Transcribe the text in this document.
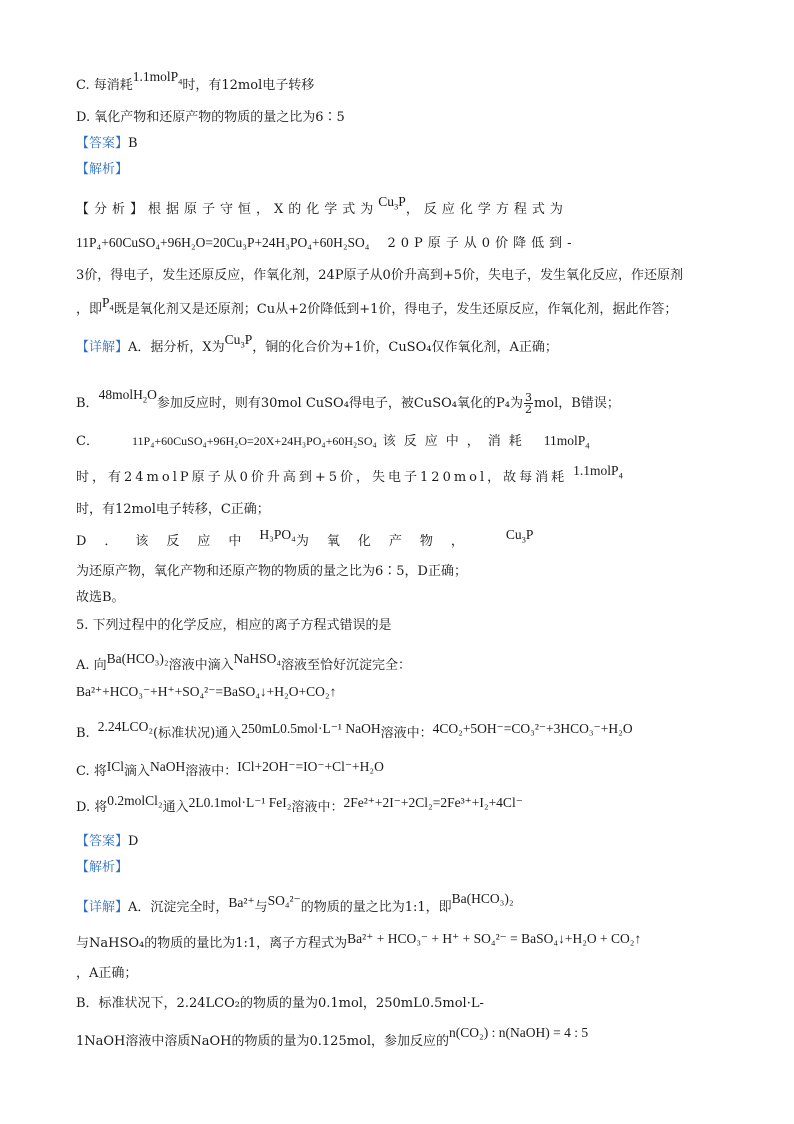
C. 每消耗1.1molP$_4$时，有12mol电子转移
D. 氧化产物和还原产物的物质的量之比为6∶5
【答案】B
【解析】
【分析】根据原子守恒，X的化学式为$Cu_3P$，反应化学方程式为
11P₄+60CuSO₄+96H₂O=20Cu₃P+24H₃PO₄+60H₂SO₄ 20P原子从0价降低到-
3价，得电子，发生还原反应，作氧化剂，24P原子从0价升高到+5价，失电子，发生氧化反应，作还原剂
，即$P_4$既是氧化剂又是还原剂；Cu从+2价降低到+1价，得电子，发生还原反应，作氧化剂，据此作答；
【详解】A．据分析，X为$Cu_3P$，铜的化合价为+1价，CuSO₄仅作氧化剂，A正确；
B．48molH$_2$O参加反应时，则有30mol CuSO₄得电子，被CuSO₄氧化的P₄为 $\frac{3}{2}$ mol，B错误；
C．	11P₄+60CuSO₄+96H₂O=20X+24H₃PO₄+60H₂SO₄ 该反应中，消耗 11molP$_4$
时，有24molP原子从0价升高到+5价，失电子120mol，故每消耗 1.1molP$_4$
时，有12mol电子转移，C正确；
D．该反应中H₃PO₄为氧化产物， $Cu_3P$
为还原产物，氧化产物和还原产物的物质的量之比为6∶5，D正确；
故选B。
5. 下列过程中的化学反应，相应的离子方程式错误的是
A. 向Ba(HCO₃)₂溶液中滴入NaHSO₄溶液至恰好沉淀完全：
Ba²⁺+HCO₃⁻+H⁺+SO₄²⁻=BaSO₄↓+H₂O+CO₂↑
B. 2.24LCO₂(标准状况)通入250mL0.5mol·L⁻¹ NaOH溶液中：4CO₂+5OH⁻=CO₃²⁻+3HCO₃⁻+H₂O
C. 将ICl滴入NaOH溶液中：ICl+2OH⁻=IO⁻+Cl⁻+H₂O
D. 将0.2molCl₂通入2L0.1mol·L⁻¹ FeI₂溶液中：2Fe²⁺+2I⁻+2Cl₂=2Fe³⁺+I₂+4Cl⁻
【答案】D
【解析】
【详解】A．沉淀完全时，Ba²⁺与SO₄²⁻的物质的量之比为1:1，即Ba(HCO₃)₂
与NaHSO₄的物质的量比为1:1，离子方程式为Ba²⁺ + HCO₃⁻ + H⁺ + SO₄²⁻ = BaSO₄↓+H₂O + CO₂↑
，A正确；
B．标准状况下，2.24LCO₂的物质的量为0.1mol，250mL0.5mol·L-
1NaOH溶液中溶质NaOH的物质的量为0.125mol，参加反应的n(CO₂) : n(NaOH) = 4 : 5
